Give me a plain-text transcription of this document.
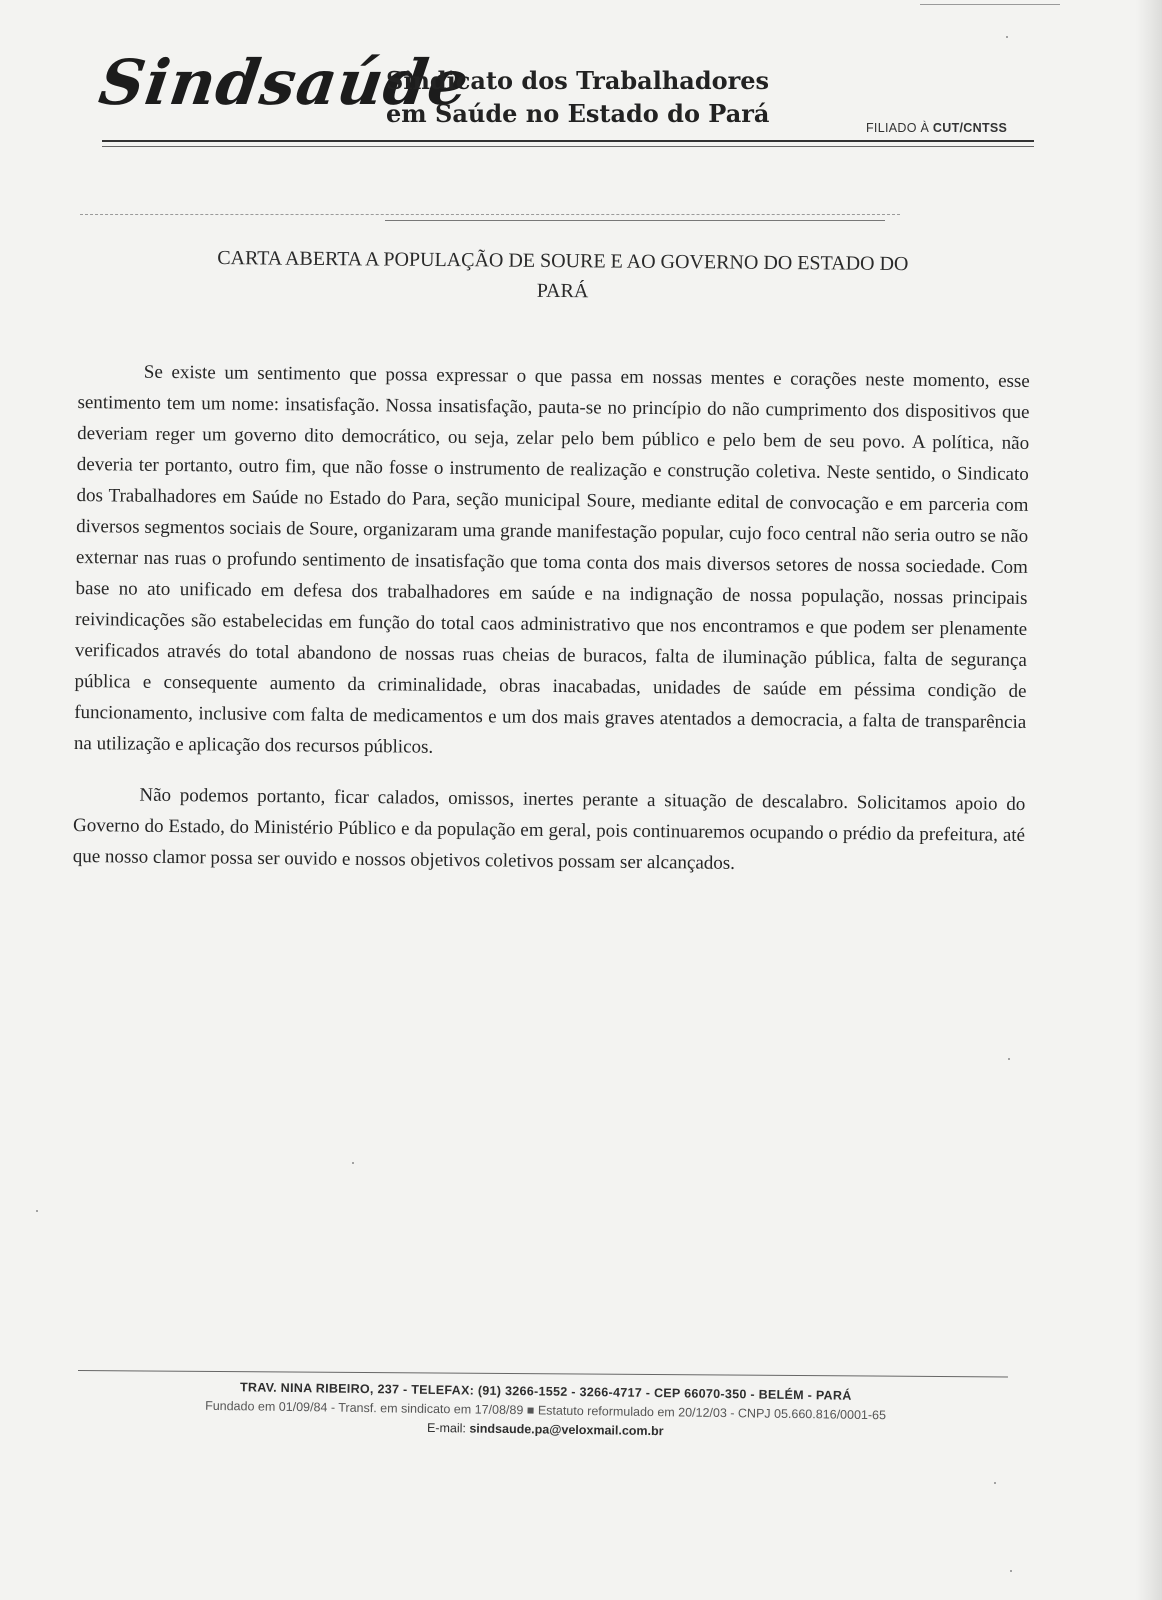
Sindsaúde
Sindicato dos Trabalhadores
em Saúde no Estado do Pará	FILIADO À CUT/CNTSS
CARTA ABERTA A POPULAÇÃO DE SOURE E AO GOVERNO DO ESTADO DO
PARÁ

Se existe um sentimento que possa expressar o que passa em nossas mentes e corações neste momento, esse sentimento tem um nome: insatisfação. Nossa insatisfação, pauta-se no princípio do não cumprimento dos dispositivos que deveriam reger um governo dito democrático, ou seja, zelar pelo bem público e pelo bem de seu povo. A política, não deveria ter portanto, outro fim, que não fosse o instrumento de realização e construção coletiva. Neste sentido, o Sindicato dos Trabalhadores em Saúde no Estado do Para, seção municipal Soure, mediante edital de convocação e em parceria com diversos segmentos sociais de Soure, organizaram uma grande manifestação popular, cujo foco central não seria outro se não externar nas ruas o profundo sentimento de insatisfação que toma conta dos mais diversos setores de nossa sociedade. Com base no ato unificado em defesa dos trabalhadores em saúde e na indignação de nossa população, nossas principais reivindicações são estabelecidas em função do total caos administrativo que nos encontramos e que podem ser plenamente verificados através do total abandono de nossas ruas cheias de buracos, falta de iluminação pública, falta de segurança pública e consequente aumento da criminalidade, obras inacabadas, unidades de saúde em péssima condição de funcionamento, inclusive com falta de medicamentos e um dos mais graves atentados a democracia, a falta de transparência na utilização e aplicação dos recursos públicos.

Não podemos portanto, ficar calados, omissos, inertes perante a situação de descalabro. Solicitamos apoio do Governo do Estado, do Ministério Público e da população em geral, pois continuaremos ocupando o prédio da prefeitura, até que nosso clamor possa ser ouvido e nossos objetivos coletivos possam ser alcançados.

TRAV. NINA RIBEIRO, 237 - TELEFAX: (91) 3266-1552 - 3266-4717 - CEP 66070-350 - BELÉM - PARÁ
Fundado em 01/09/84 - Transf. em sindicato em 17/08/89 ■ Estatuto reformulado em 20/12/03 - CNPJ 05.660.816/0001-65
E-mail: sindsaude.pa@veloxmail.com.br
